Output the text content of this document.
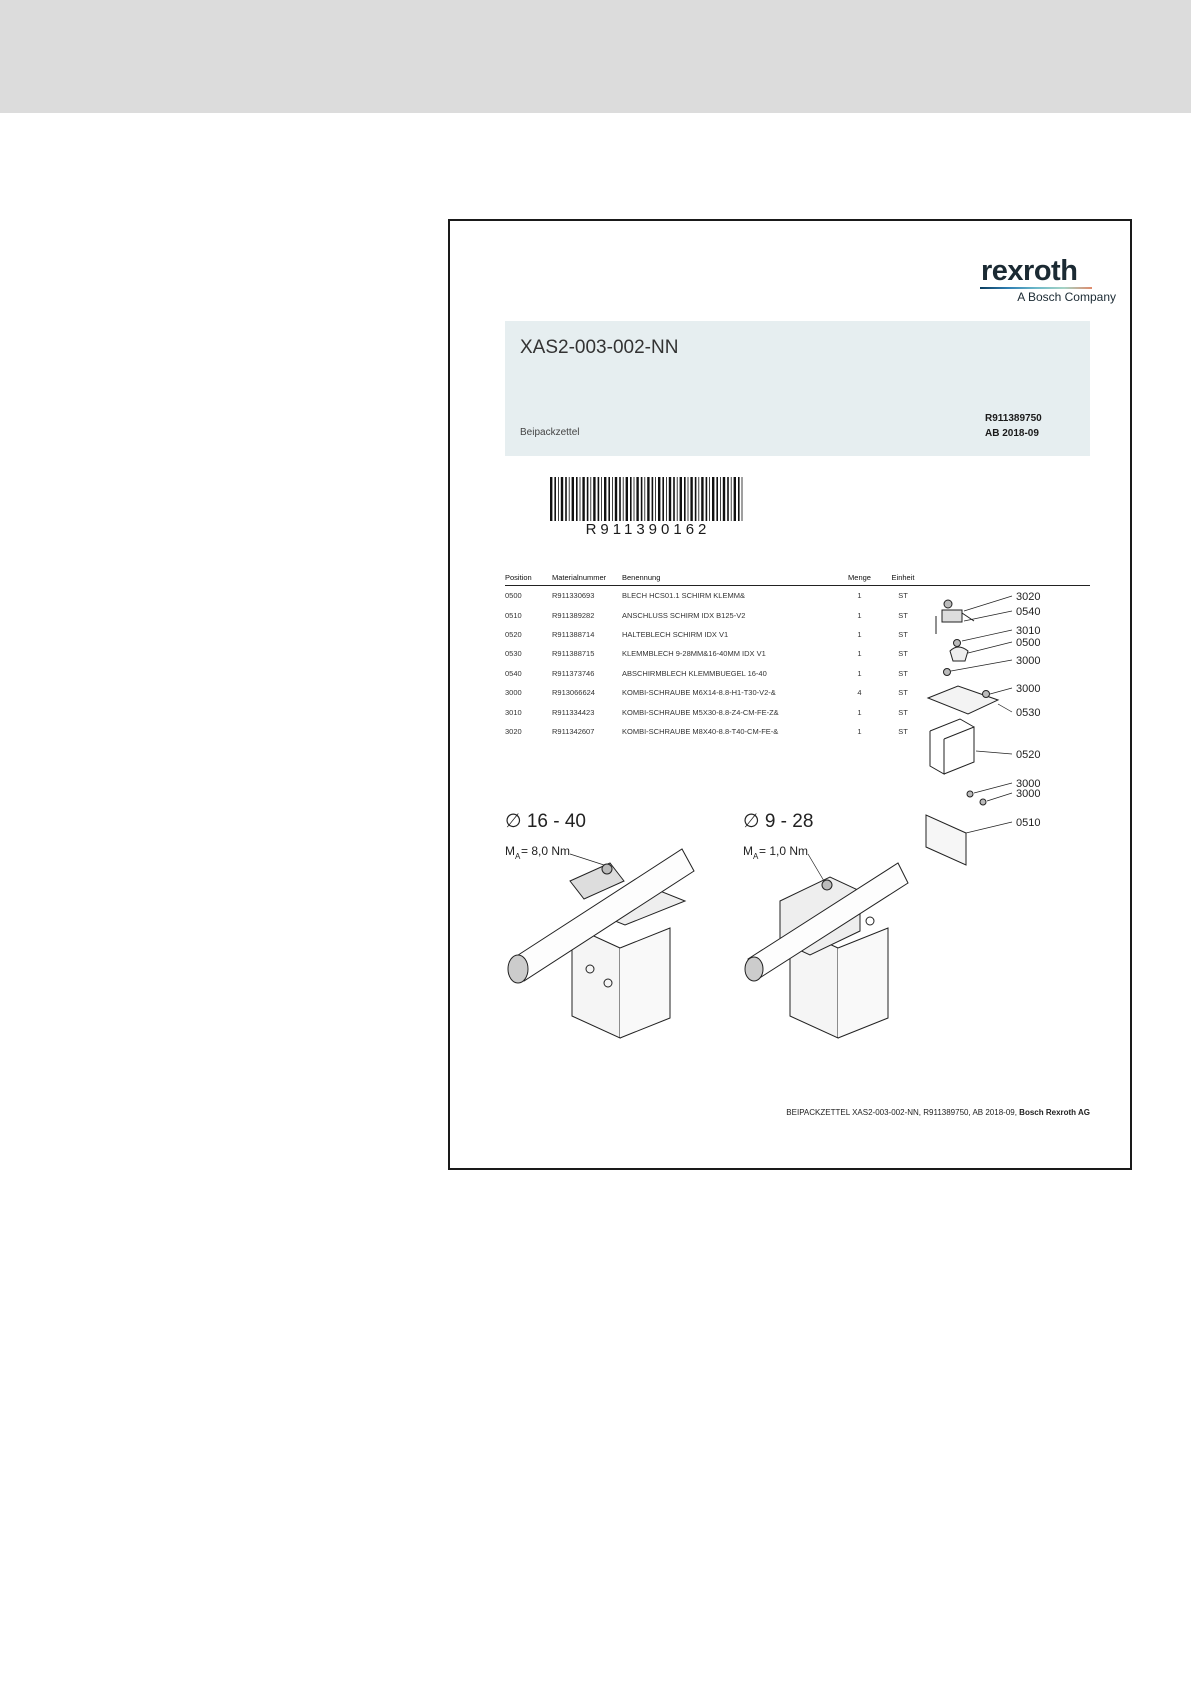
rexroth
A Bosch Company
XAS2-003-002-NN
Beipackzettel
R911389750
AB 2018-09
R911390162
Position	Materialnummer	Benennung	Menge	Einheit	
0500	R911330693	BLECH HCS01.1 SCHIRM KLEMM&	1	ST	
0510	R911389282	ANSCHLUSS SCHIRM IDX B125-V2	1	ST	
0520	R911388714	HALTEBLECH SCHIRM IDX V1	1	ST	
0530	R911388715	KLEMMBLECH 9-28MM&16-40MM IDX V1	1	ST	
0540	R911373746	ABSCHIRMBLECH KLEMMBUEGEL 16-40	1	ST	
3000	R913066624	KOMBI-SCHRAUBE M6X14-8.8-H1-T30-V2-&	4	ST	
3010	R911334423	KOMBI-SCHRAUBE M5X30-8.8-Z4-CM-FE-Z&	1	ST	
3020	R911342607	KOMBI-SCHRAUBE M8X40-8.8-T40-CM-FE-&	1	ST	
3020
0540
3010
0500
3000
3000
0530
0520
3000
3000
0510
∅ 16 - 40	∅ 9 - 28
M A = 8,0 Nm	M A = 1,0 Nm
BEIPACKZETTEL XAS2-003-002-NN, R911389750, AB 2018-09, Bosch Rexroth AG
